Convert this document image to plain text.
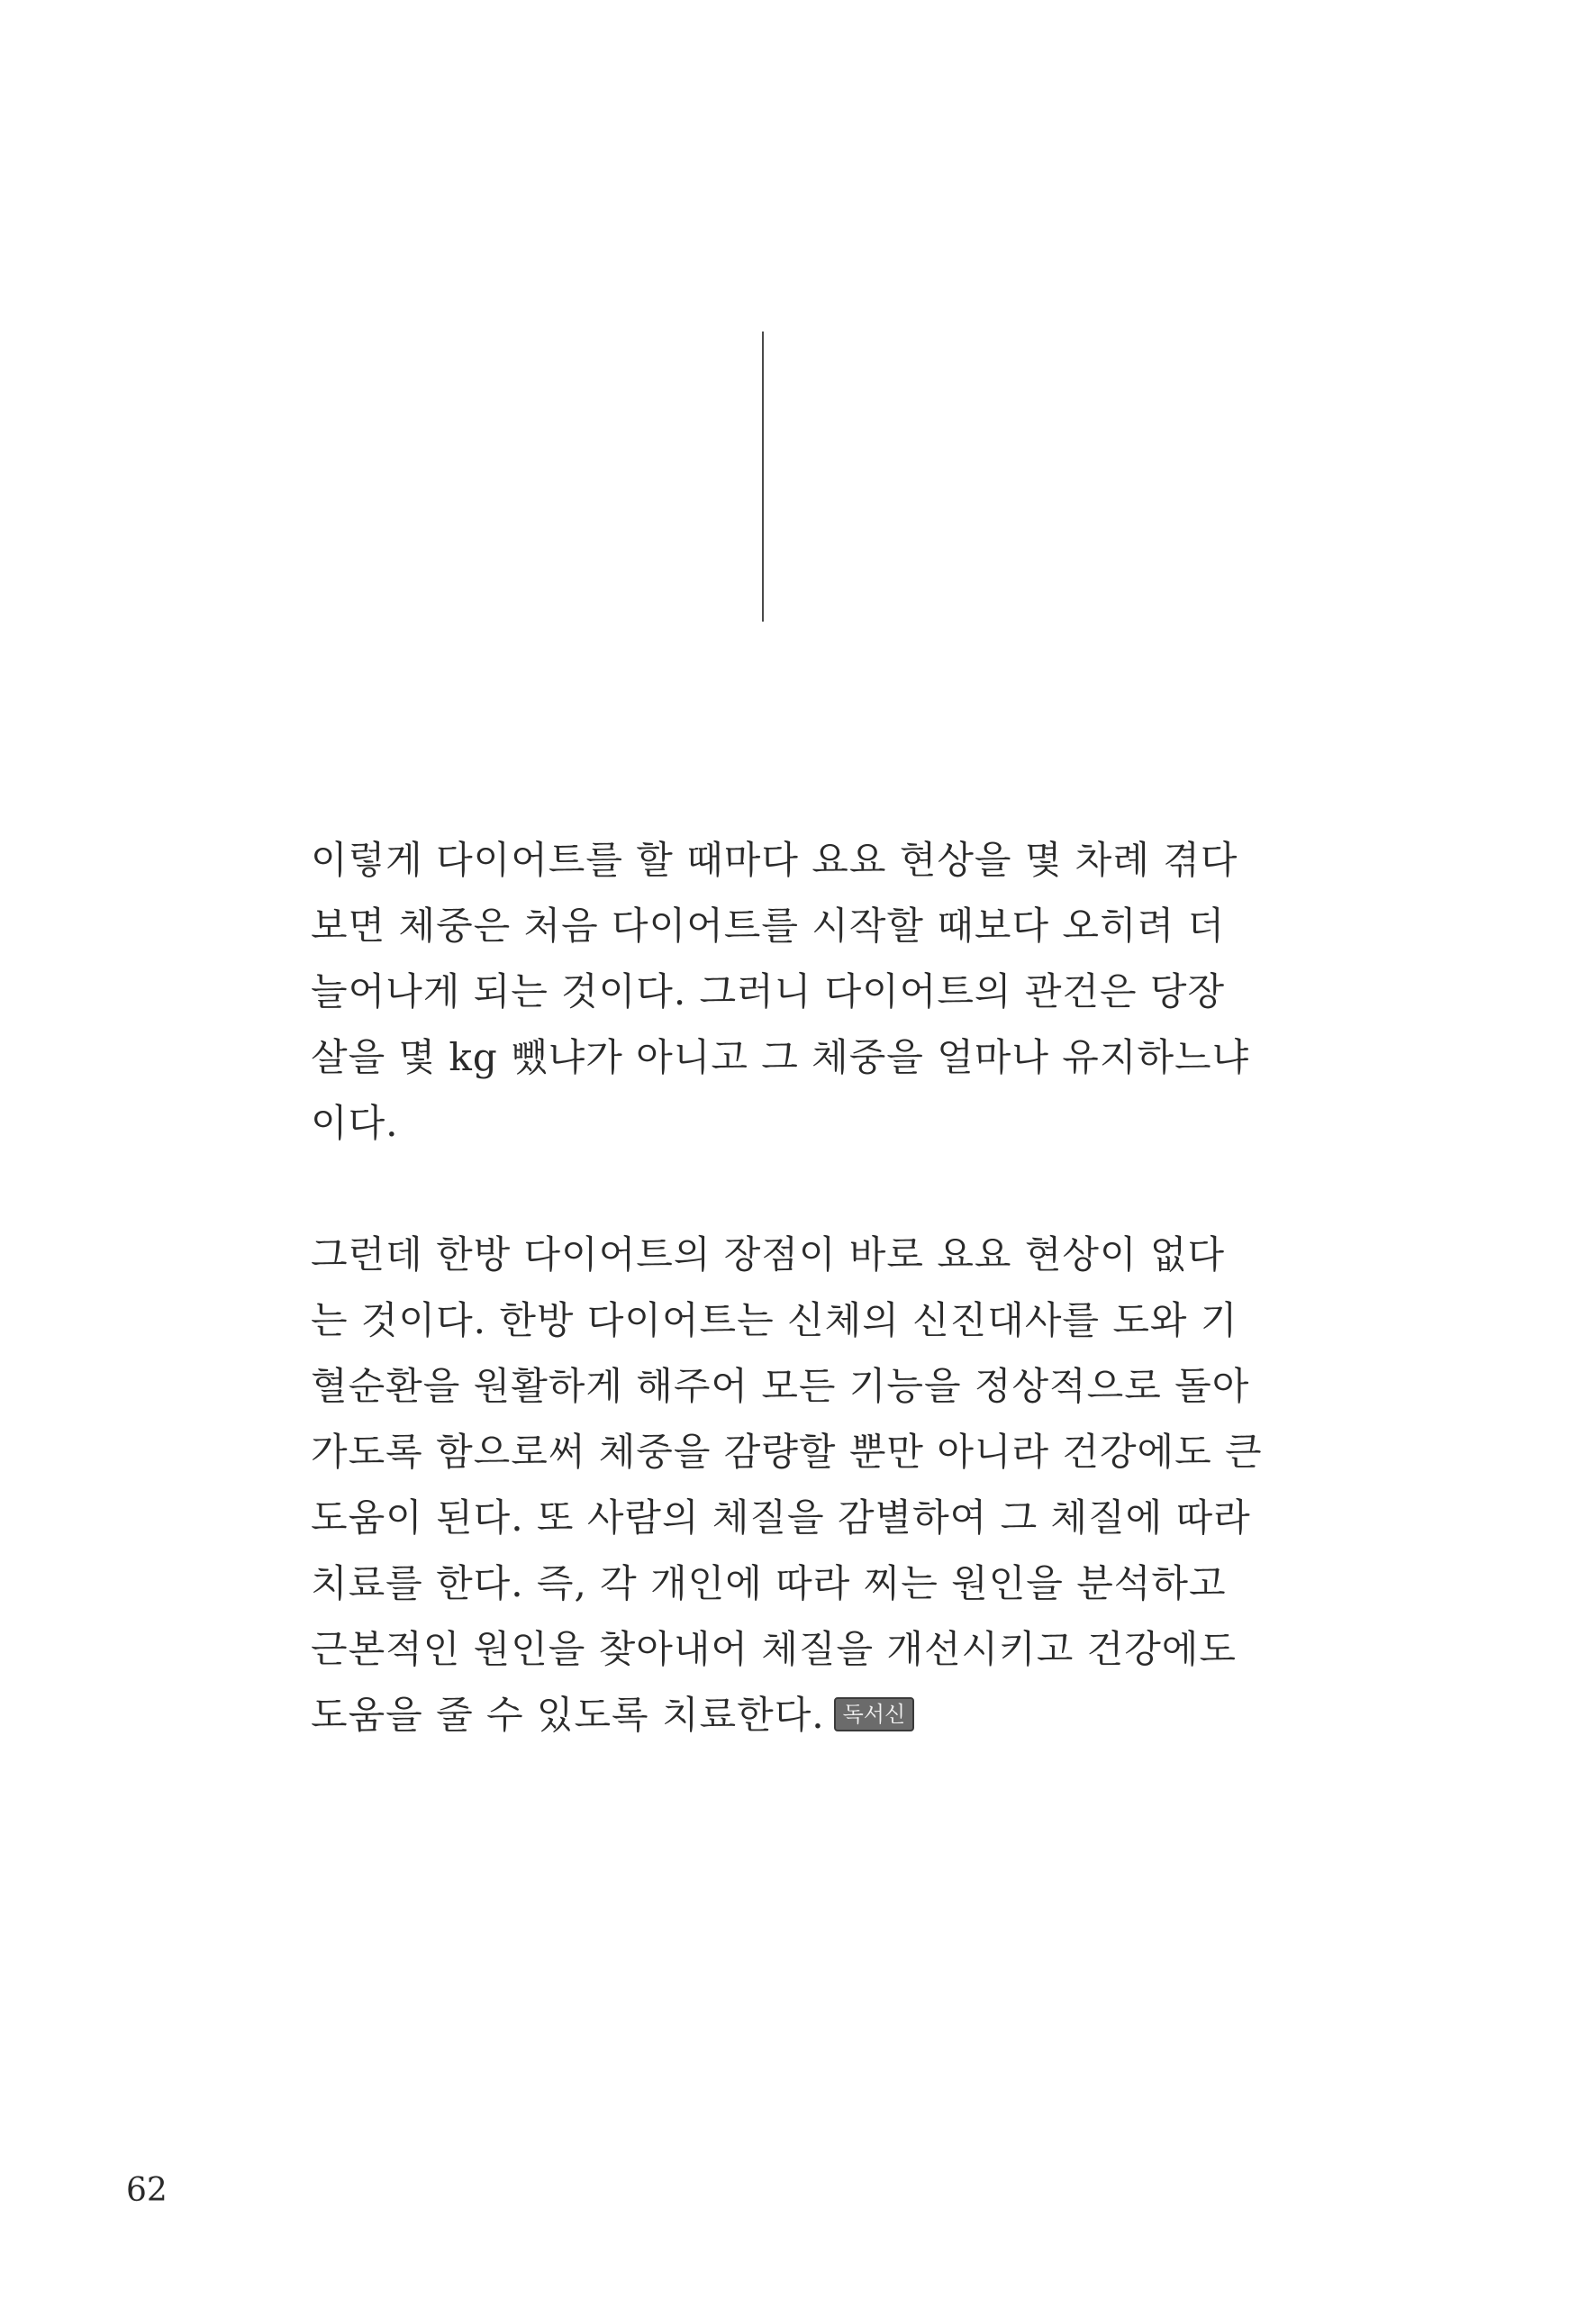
이렇게 다이어트를 할 때마다 요요 현상을 몇 차례 겪다
보면 체중은 처음 다이어트를 시작할 때보다 오히려 더
늘어나게 되는 것이다. 그러니 다이어트의 관건은 당장
살을 몇 kg 뺐냐가 아니고 그 체중을 얼마나 유지하느냐
이다.

그런데 한방 다이어트의 장점이 바로 요요 현상이 없다
는 것이다. 한방 다이어트는 신체의 신진대사를 도와 기
혈순환을 원활하게 해주어 모든 기능을 정상적으로 돌아
가도록 함으로써 체중을 감량할 뿐만 아니라 건강에도 큰
도움이 된다. 또 사람의 체질을 감별하여 그 체질에 따라
치료를 한다. 즉, 각 개인에 따라 찌는 원인을 분석하고
근본적인 원인을 찾아내어 체질을 개선시키고 건강에도
도움을 줄 수 있도록 치료한다. 독서신

62
